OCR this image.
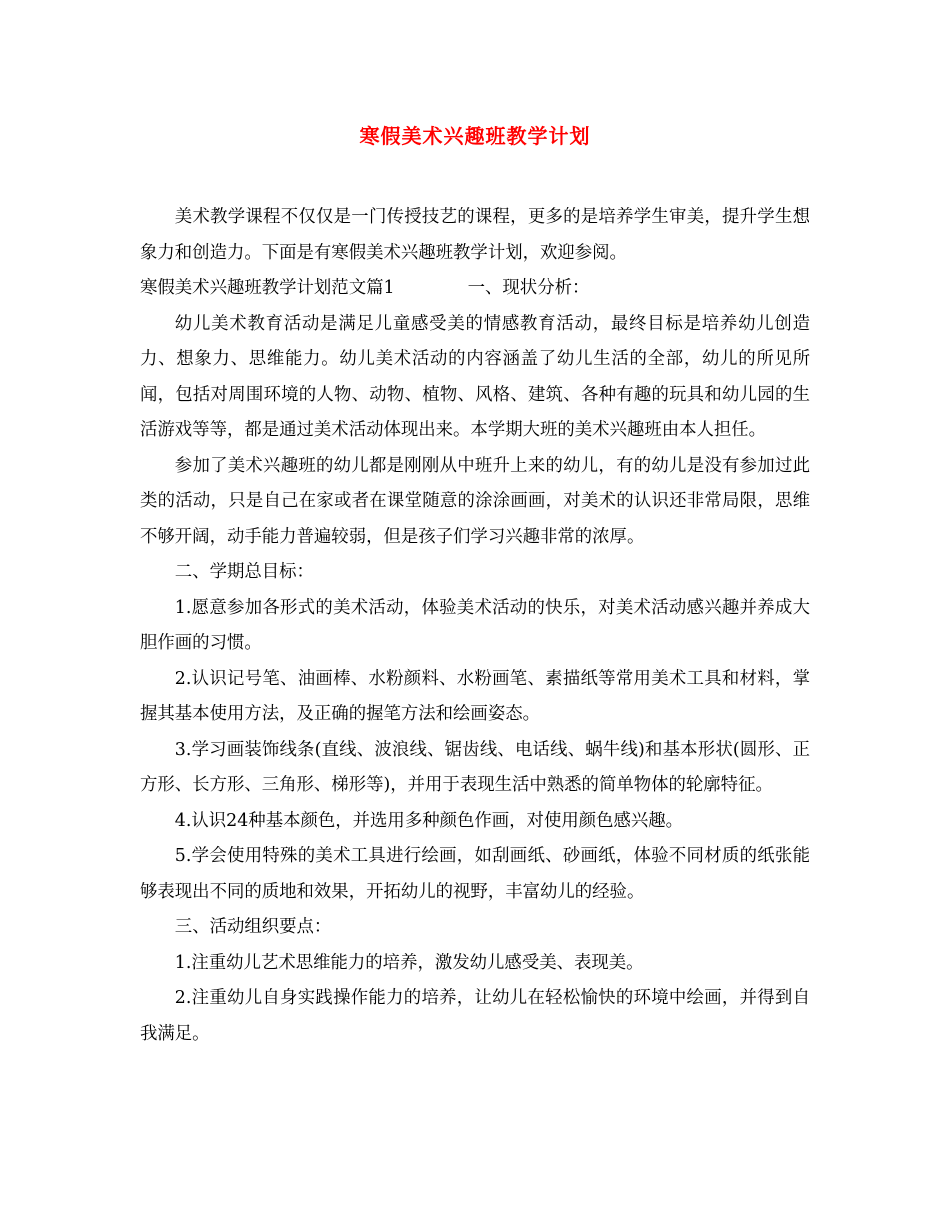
寒假美术兴趣班教学计划

美术教学课程不仅仅是一门传授技艺的课程，更多的是培养学生审美，提升学生想象力和创造力。下面是有寒假美术兴趣班教学计划，欢迎参阅。

寒假美术兴趣班教学计划范文篇1	一、现状分析：

幼儿美术教育活动是满足儿童感受美的情感教育活动，最终目标是培养幼儿创造力、想象力、思维能力。幼儿美术活动的内容涵盖了幼儿生活的全部，幼儿的所见所闻，包括对周围环境的人物、动物、植物、风格、建筑、各种有趣的玩具和幼儿园的生活游戏等等，都是通过美术活动体现出来。本学期大班的美术兴趣班由本人担任。

参加了美术兴趣班的幼儿都是刚刚从中班升上来的幼儿，有的幼儿是没有参加过此类的活动，只是自己在家或者在课堂随意的涂涂画画，对美术的认识还非常局限，思维不够开阔，动手能力普遍较弱，但是孩子们学习兴趣非常的浓厚。

二、学期总目标：

1.愿意参加各形式的美术活动，体验美术活动的快乐，对美术活动感兴趣并养成大胆作画的习惯。

2.认识记号笔、油画棒、水粉颜料、水粉画笔、素描纸等常用美术工具和材料，掌握其基本使用方法，及正确的握笔方法和绘画姿态。

3.学习画装饰线条(直线、波浪线、锯齿线、电话线、蜗牛线)和基本形状(圆形、正方形、长方形、三角形、梯形等)，并用于表现生活中熟悉的简单物体的轮廓特征。

4.认识24种基本颜色，并选用多种颜色作画，对使用颜色感兴趣。

5.学会使用特殊的美术工具进行绘画，如刮画纸、砂画纸，体验不同材质的纸张能够表现出不同的质地和效果，开拓幼儿的视野，丰富幼儿的经验。

三、活动组织要点：

1.注重幼儿艺术思维能力的培养，激发幼儿感受美、表现美。

2.注重幼儿自身实践操作能力的培养，让幼儿在轻松愉快的环境中绘画，并得到自我满足。
